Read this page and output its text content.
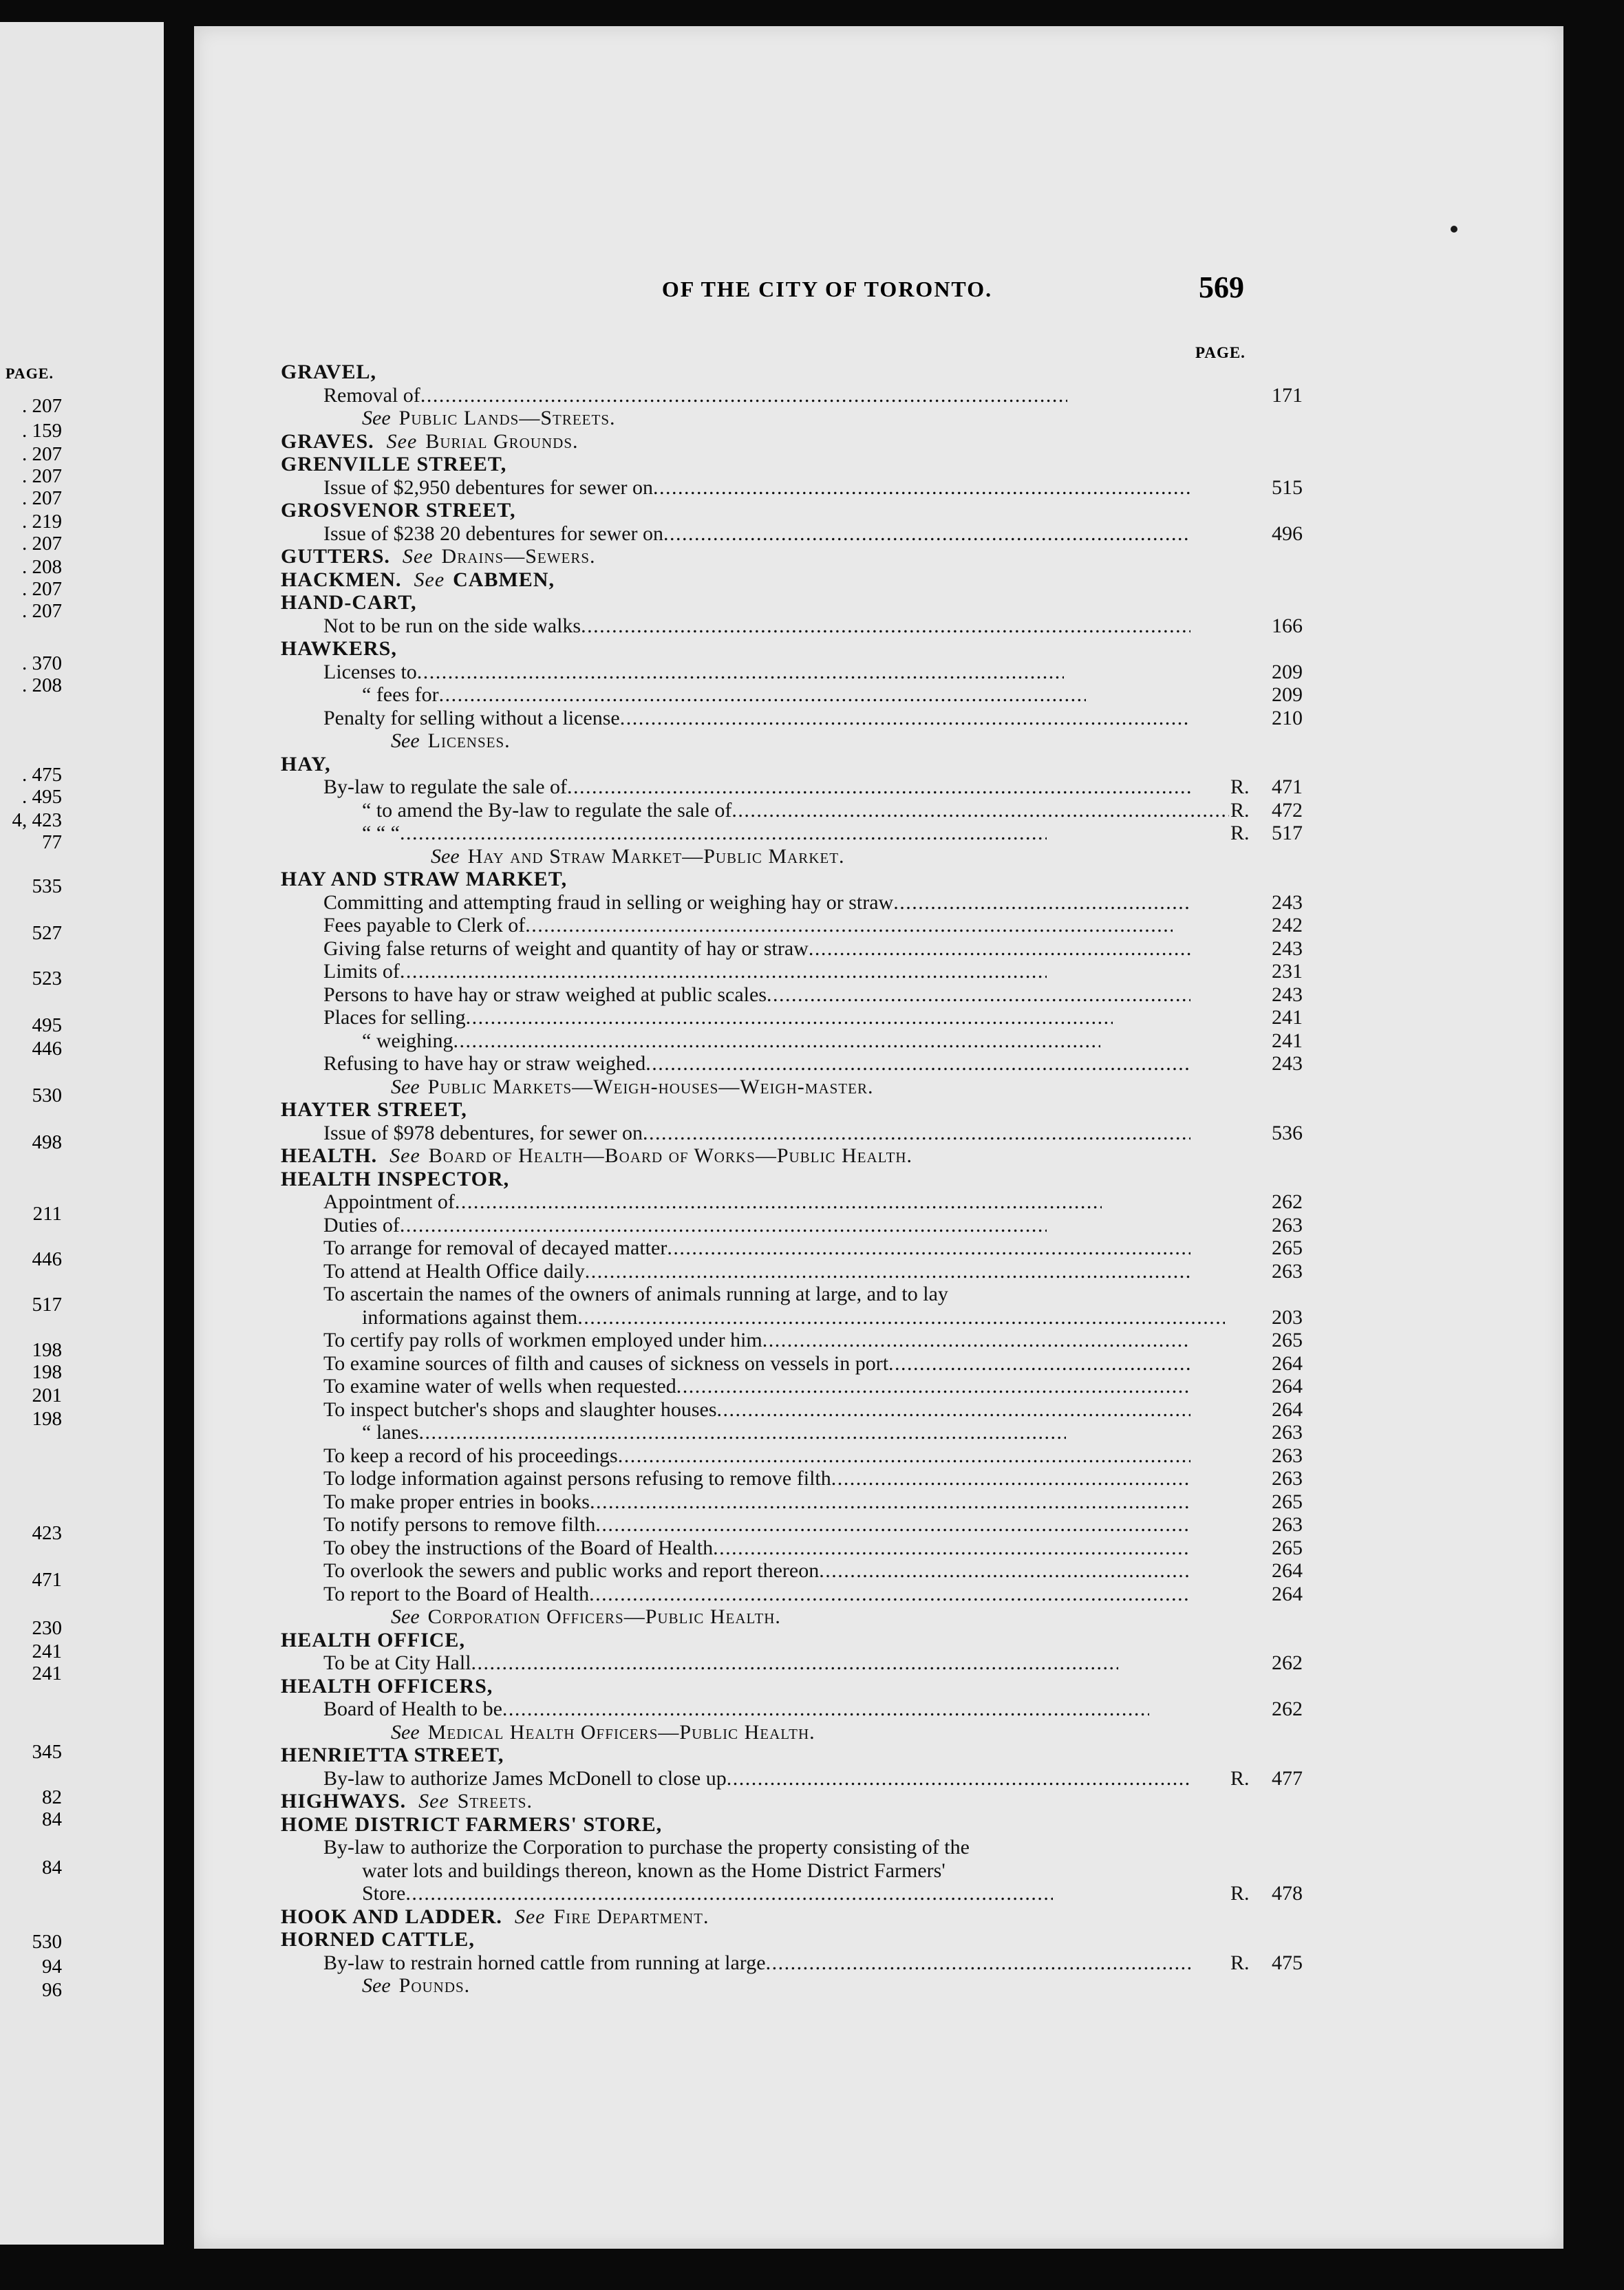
PAGE.
. 207
. 159
. 207
. 207
. 207
. 219
. 207
. 208
. 207
. 207
. 370
. 208
. 475
. 495
4, 423
77
535
527
523
495
446
530
498
211
446
517
198
198
201
198
423
471
230
241
241
345
82
84
84
530
94
96
OF THE CITY OF TORONTO.	569
PAGE.
GRAVEL,
Removal of . . .	171
See Public Lands—Streets.
GRAVES. See Burial Grounds.
GRENVILLE STREET,
Issue of $2,950 debentures for sewer on . . .	515
GROSVENOR STREET,
Issue of $238 20 debentures for sewer on . . .	496
GUTTERS. See Drains—Sewers.
HACKMEN. See CABMEN,
HAND-CART,
Not to be run on the side walks . . .	166
HAWKERS,
Licenses to . . .	209
“ fees for . . .	209
Penalty for selling without a license . . .	210
See Licenses.
HAY,
By-law to regulate the sale of . . .	R. 471
“ to amend the By-law to regulate the sale of . . .	R. 472
“ “ “ . . .	R. 517
See Hay and Straw Market—Public Market.
HAY AND STRAW MARKET,
Committing and attempting fraud in selling or weighing hay or straw . . .	243
Fees payable to Clerk of . . .	242
Giving false returns of weight and quantity of hay or straw . . .	243
Limits of . . .	231
Persons to have hay or straw weighed at public scales . . .	243
Places for selling . . .	241
“ weighing . . .	241
Refusing to have hay or straw weighed . . .	243
See Public Markets—Weigh-houses—Weigh-master.
HAYTER STREET,
Issue of $978 debentures, for sewer on . . .	536
HEALTH. See Board of Health—Board of Works—Public Health.
HEALTH INSPECTOR,
Appointment of . . .	262
Duties of . . .	263
To arrange for removal of decayed matter . . .	265
To attend at Health Office daily . . .	263
To ascertain the names of the owners of animals running at large, and to lay
informations against them . . .	203
To certify pay rolls of workmen employed under him . . .	265
To examine sources of filth and causes of sickness on vessels in port . . .	264
To examine water of wells when requested . . .	264
To inspect butcher's shops and slaughter houses . . .	264
“ lanes . . .	263
To keep a record of his proceedings . . .	263
To lodge information against persons refusing to remove filth . . .	263
To make proper entries in books . . .	265
To notify persons to remove filth . . .	263
To obey the instructions of the Board of Health . . .	265
To overlook the sewers and public works and report thereon . . .	264
To report to the Board of Health . . .	264
See Corporation Officers—Public Health.
HEALTH OFFICE,
To be at City Hall . . .	262
HEALTH OFFICERS,
Board of Health to be . . .	262
See Medical Health Officers—Public Health.
HENRIETTA STREET,
By-law to authorize James McDonell to close up . . .	R. 477
HIGHWAYS. See Streets.
HOME DISTRICT FARMERS' STORE,
By-law to authorize the Corporation to purchase the property consisting of the
water lots and buildings thereon, known as the Home District Farmers'
Store . . .	R. 478
HOOK AND LADDER. See Fire Department.
HORNED CATTLE,
By-law to restrain horned cattle from running at large . . .	R. 475
See Pounds.
